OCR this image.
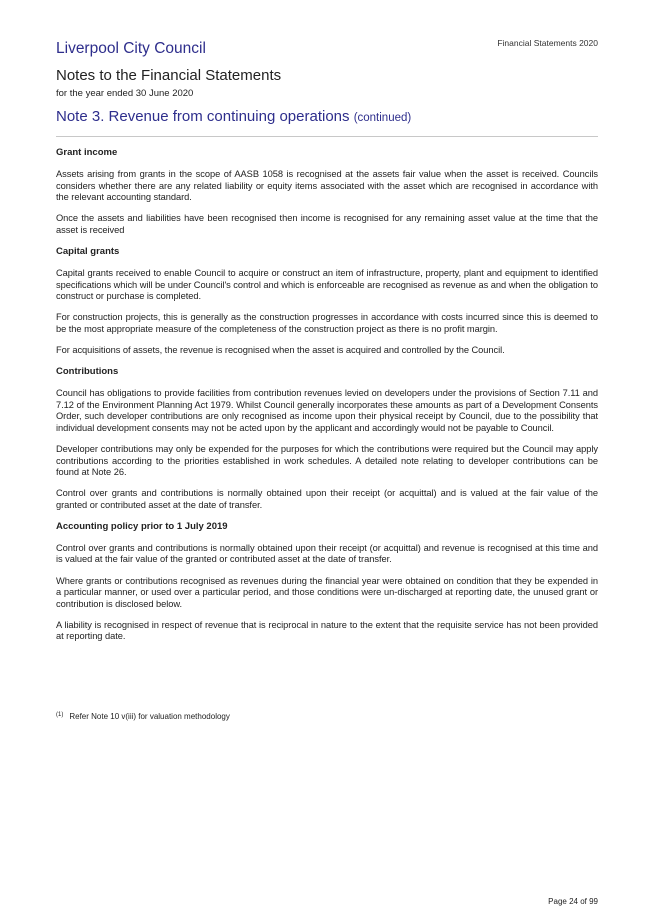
Financial Statements 2020
Liverpool City Council
Notes to the Financial Statements
for the year ended 30 June 2020
Note 3. Revenue from continuing operations (continued)
Grant income

Assets arising from grants in the scope of AASB 1058 is recognised at the assets fair value when the asset is received. Councils considers whether there are any related liability or equity items associated with the asset which are recognised in accordance with the relevant accounting standard.

Once the assets and liabilities have been recognised then income is recognised for any remaining asset value at the time that the asset is received

Capital grants

Capital grants received to enable Council to acquire or construct an item of infrastructure, property, plant and equipment to identified specifications which will be under Council's control and which is enforceable are recognised as revenue as and when the obligation to construct or purchase is completed.

For construction projects, this is generally as the construction progresses in accordance with costs incurred since this is deemed to be the most appropriate measure of the completeness of the construction project as there is no profit margin.

For acquisitions of assets, the revenue is recognised when the asset is acquired and controlled by the Council.

Contributions

Council has obligations to provide facilities from contribution revenues levied on developers under the provisions of Section 7.11 and 7.12 of the Environment Planning Act 1979. Whilst Council generally incorporates these amounts as part of a Development Consents Order, such developer contributions are only recognised as income upon their physical receipt by Council, due to the possibility that individual development consents may not be acted upon by the applicant and accordingly would not be payable to Council.

Developer contributions may only be expended for the purposes for which the contributions were required but the Council may apply contributions according to the priorities established in work schedules. A detailed note relating to developer contributions can be found at Note 26.

Control over grants and contributions is normally obtained upon their receipt (or acquittal) and is valued at the fair value of the granted or contributed asset at the date of transfer.

Accounting policy prior to 1 July 2019

Control over grants and contributions is normally obtained upon their receipt (or acquittal) and revenue is recognised at this time and is valued at the fair value of the granted or contributed asset at the date of transfer.

Where grants or contributions recognised as revenues during the financial year were obtained on condition that they be expended in a particular manner, or used over a particular period, and those conditions were un-discharged at reporting date, the unused grant or contribution is disclosed below.

A liability is recognised in respect of revenue that is reciprocal in nature to the extent that the requisite service has not been provided at reporting date.

$^{(1)}$ Refer Note 10 v(iii) for valuation methodology
Page 24 of 99
